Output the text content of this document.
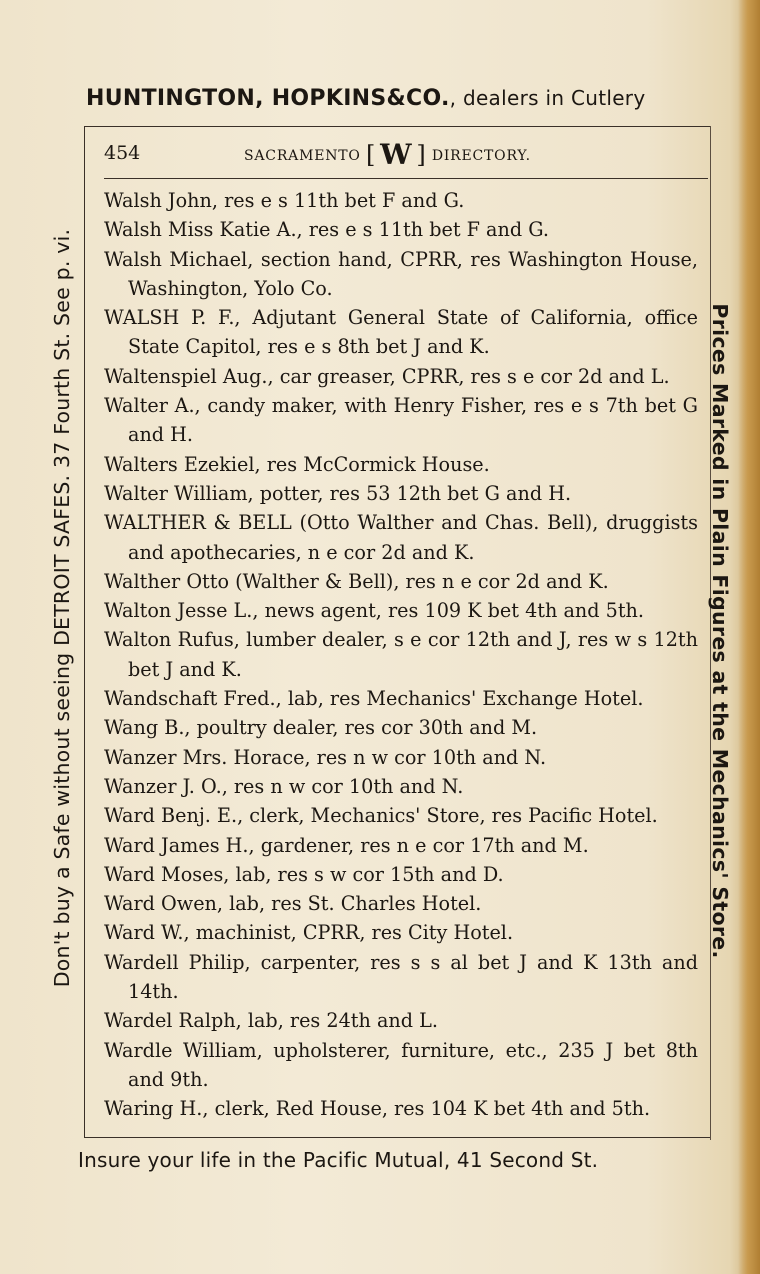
HUNTINGTON, HOPKINS&CO., dealers in Cutlery
454	SACRAMENTO [ W ] DIRECTORY.
Walsh John, res e s 11th bet F and G.
Walsh Miss Katie A., res e s 11th bet F and G.
Walsh Michael, section hand, CPRR, res Washington House, Washington, Yolo Co.
WALSH P. F., Adjutant General State of California, office State Capitol, res e s 8th bet J and K.
Waltenspiel Aug., car greaser, CPRR, res s e cor 2d and L.
Walter A., candy maker, with Henry Fisher, res e s 7th bet G and H.
Walters Ezekiel, res McCormick House.
Walter William, potter, res 53 12th bet G and H.
WALTHER & BELL (Otto Walther and Chas. Bell), druggists and apothecaries, n e cor 2d and K.
Walther Otto (Walther & Bell), res n e cor 2d and K.
Walton Jesse L., news agent, res 109 K bet 4th and 5th.
Walton Rufus, lumber dealer, s e cor 12th and J, res w s 12th bet J and K.
Wandschaft Fred., lab, res Mechanics' Exchange Hotel.
Wang B., poultry dealer, res cor 30th and M.
Wanzer Mrs. Horace, res n w cor 10th and N.
Wanzer J. O., res n w cor 10th and N.
Ward Benj. E., clerk, Mechanics' Store, res Pacific Hotel.
Ward James H., gardener, res n e cor 17th and M.
Ward Moses, lab, res s w cor 15th and D.
Ward Owen, lab, res St. Charles Hotel.
Ward W., machinist, CPRR, res City Hotel.
Wardell Philip, carpenter, res s s al bet J and K 13th and 14th.
Wardel Ralph, lab, res 24th and L.
Wardle William, upholsterer, furniture, etc., 235 J bet 8th and 9th.
Waring H., clerk, Red House, res 104 K bet 4th and 5th.
Don't buy a Safe without seeing DETROIT SAFES. 37 Fourth St. See p. vi.	Prices Marked in Plain Figures at the Mechanics' Store.
Insure your life in the Pacific Mutual, 41 Second St.
